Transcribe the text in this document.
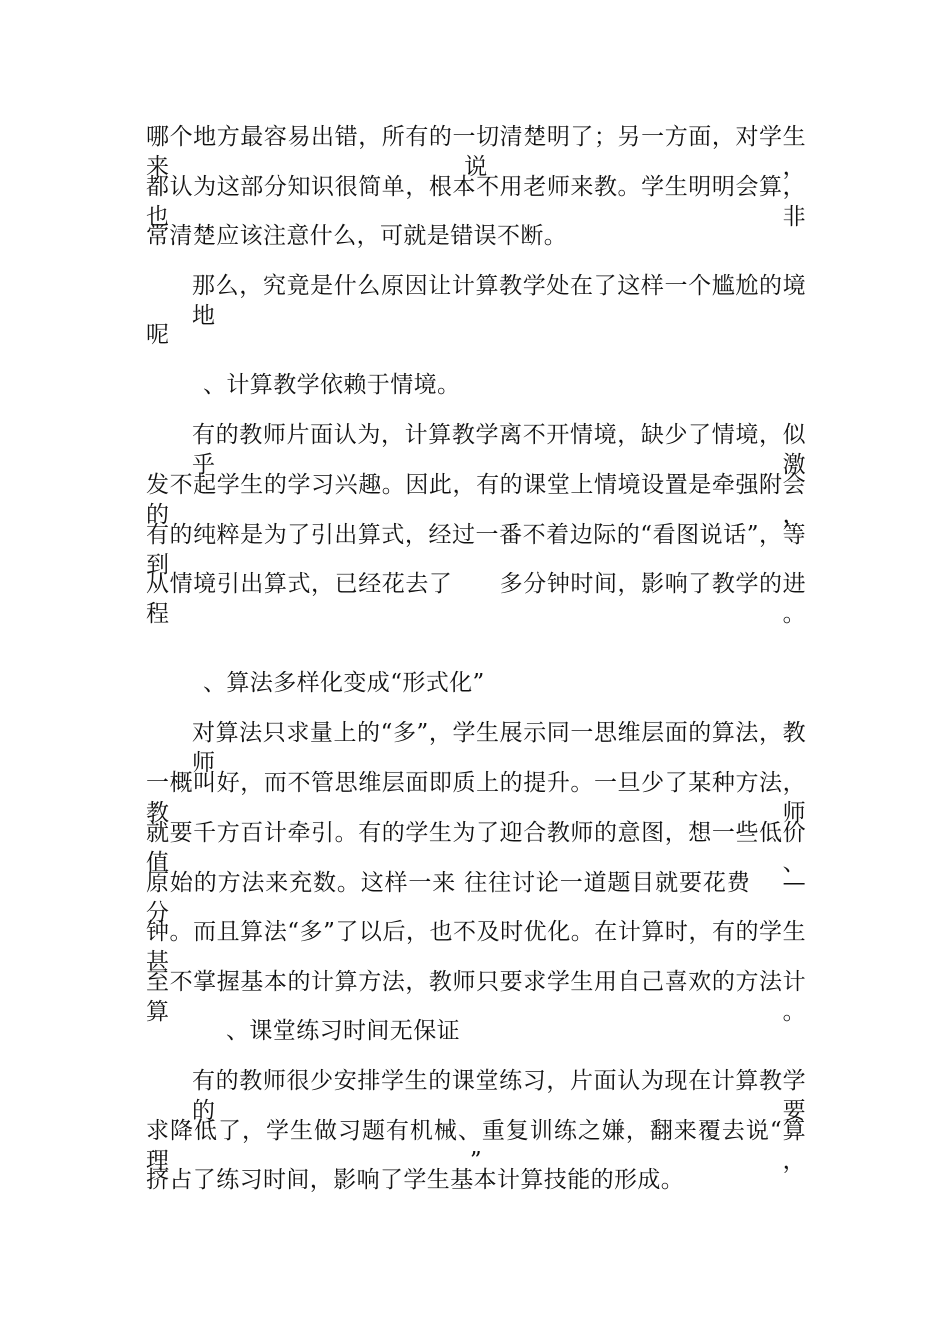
哪个地方最容易出错，所有的一切清楚明了；另一方面，对学生来说，
都认为这部分知识很简单，根本不用老师来教。学生明明会算，也非
常清楚应该注意什么，可就是错误不断。
那么，究竟是什么原因让计算教学处在了这样一个尴尬的境地
呢
、计算教学依赖于情境。
有的教师片面认为，计算教学离不开情境，缺少了情境，似乎激
发不起学生的学习兴趣。因此，有的课堂上情境设置是牵强附会的，
有的纯粹是为了引出算式，经过一番不着边际的“看图说话”，等到
从情境引出算式，已经花去了　　多分钟时间，影响了教学的进程。
、算法多样化变成“形式化”
对算法只求量上的“多”，学生展示同一思维层面的算法，教师
一概叫好，而不管思维层面即质上的提升。一旦少了某种方法，教师
就要千方百计牵引。有的学生为了迎合教师的意图，想一些低价值、
原始的方法来充数。这样一来 往往讨论一道题目就要花费　 —　 分
钟。而且算法“多”了以后，也不及时优化。在计算时，有的学生甚
至不掌握基本的计算方法，教师只要求学生用自己喜欢的方法计算。
、课堂练习时间无保证
有的教师很少安排学生的课堂练习，片面认为现在计算教学的要
求降低了，学生做习题有机械、重复训练之嫌，翻来覆去说“算理”，
挤占了练习时间，影响了学生基本计算技能的形成。
